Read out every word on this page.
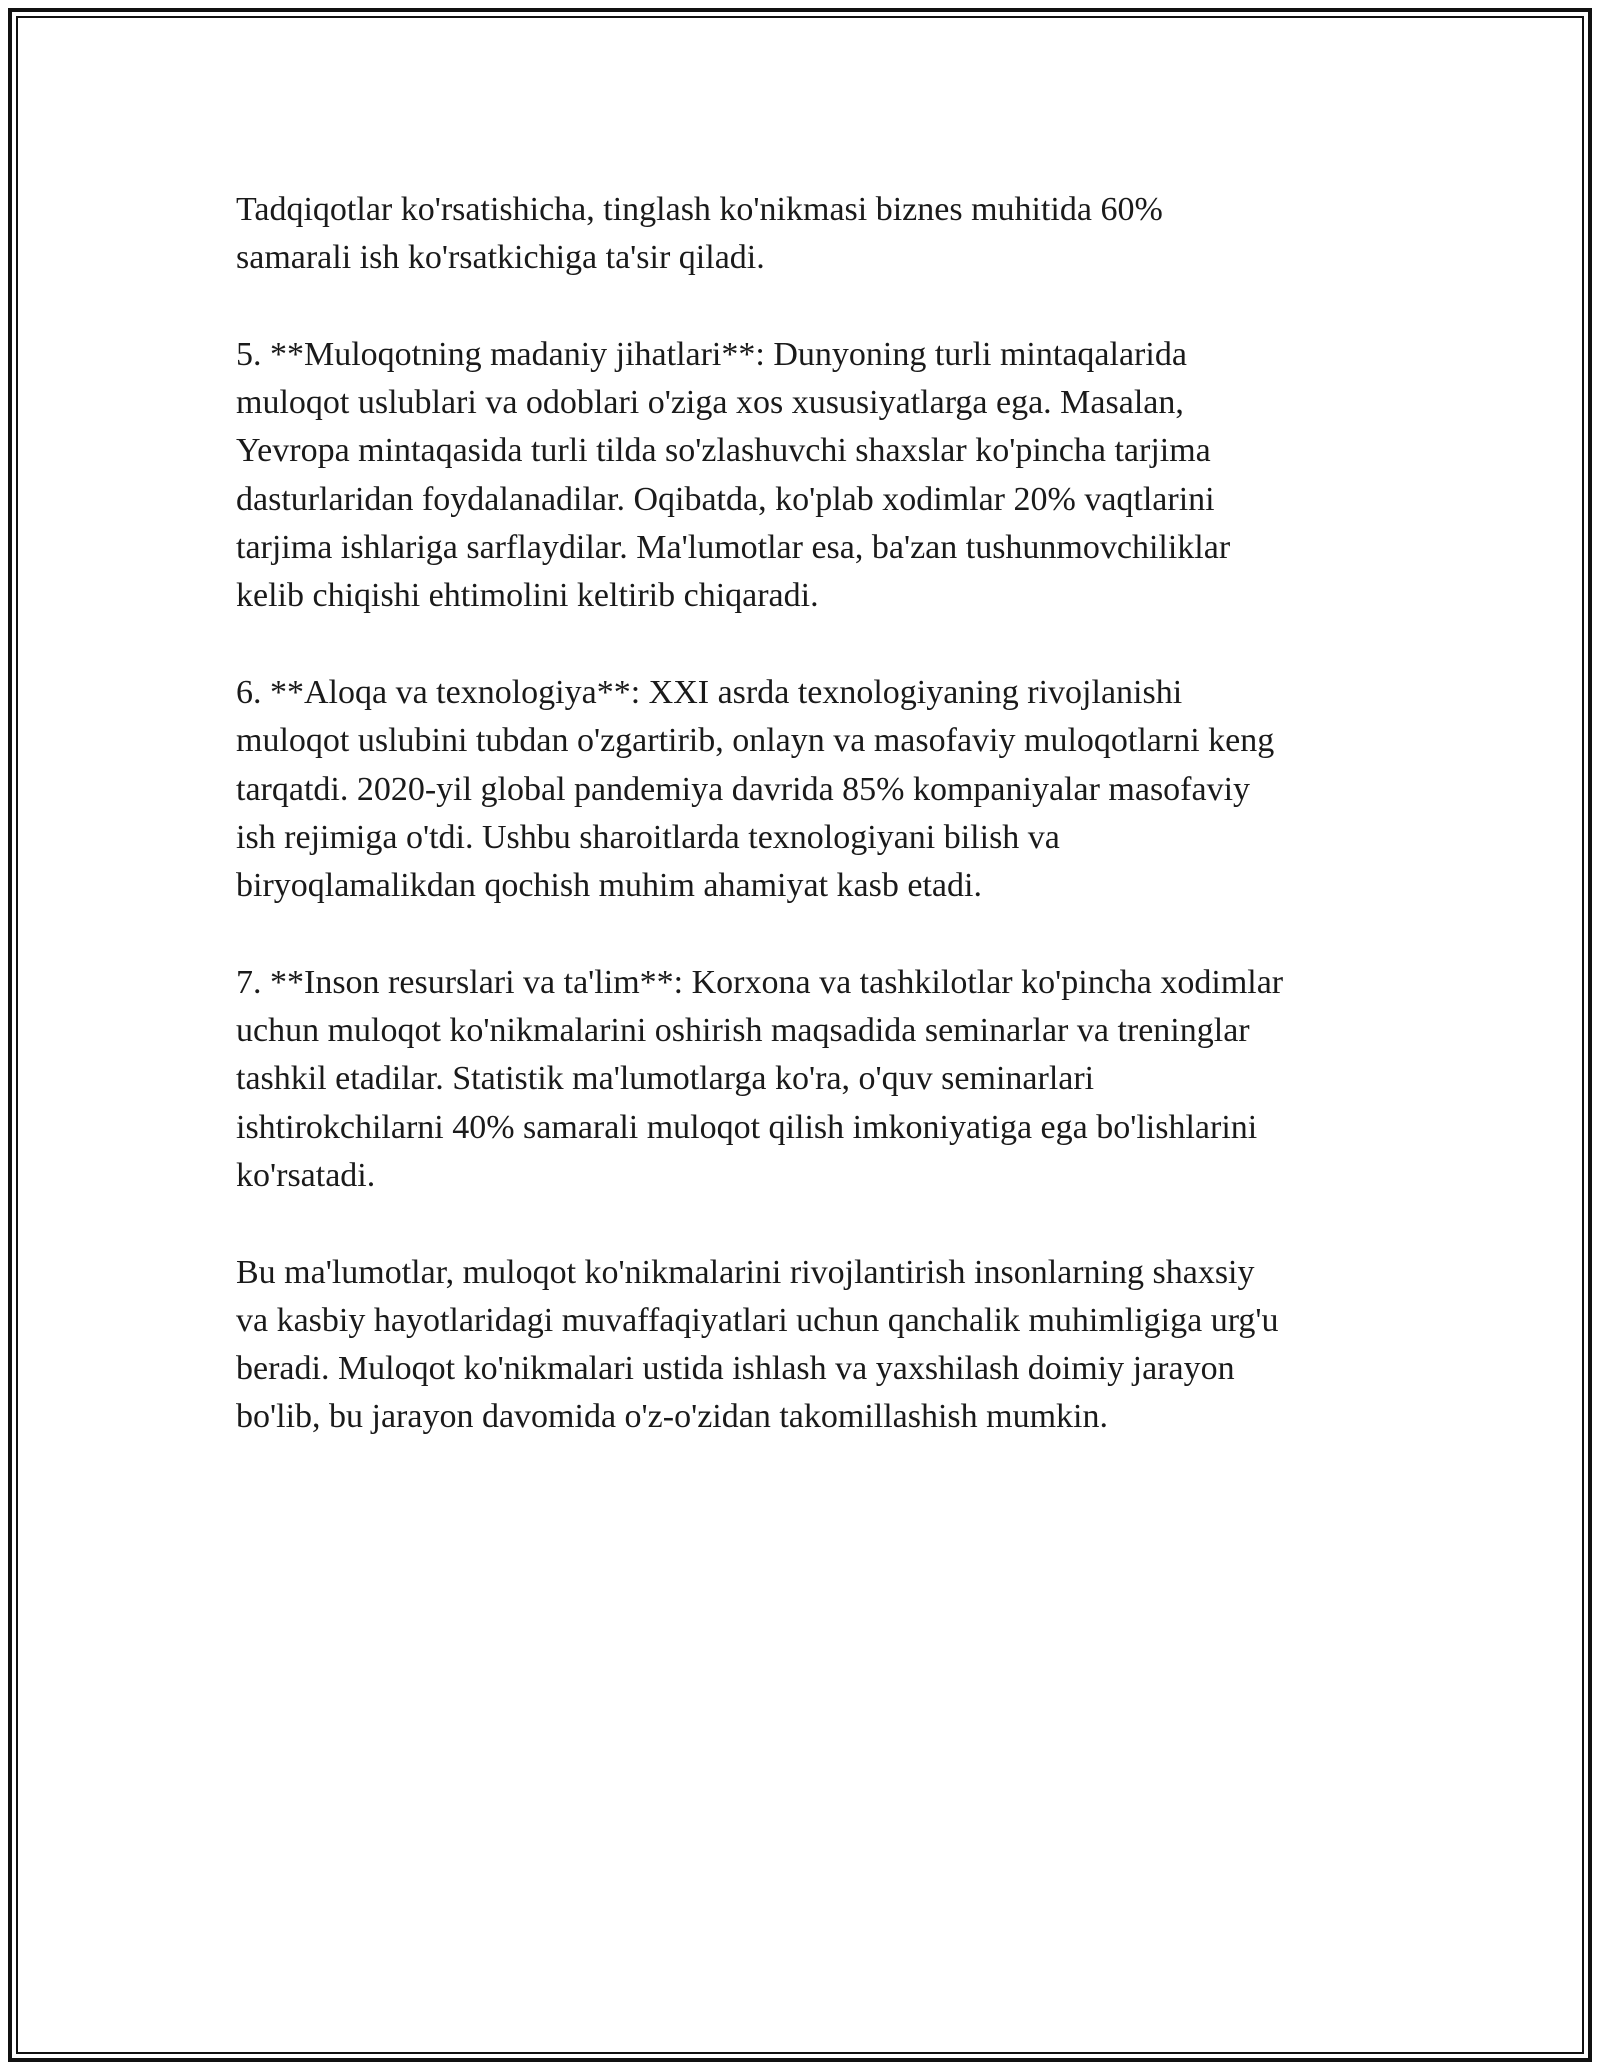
Tadqiqotlar ko'rsatishicha, tinglash ko'nikmasi biznes muhitida 60%
samarali ish ko'rsatkichiga ta'sir qiladi.

5. **Muloqotning madaniy jihatlari**: Dunyoning turli mintaqalarida
muloqot uslublari va odoblari o'ziga xos xususiyatlarga ega. Masalan,
Yevropa mintaqasida turli tilda so'zlashuvchi shaxslar ko'pincha tarjima
dasturlaridan foydalanadilar. Oqibatda, ko'plab xodimlar 20% vaqtlarini
tarjima ishlariga sarflaydilar. Ma'lumotlar esa, ba'zan tushunmovchiliklar
kelib chiqishi ehtimolini keltirib chiqaradi.

6. **Aloqa va texnologiya**: XXI asrda texnologiyaning rivojlanishi
muloqot uslubini tubdan o'zgartirib, onlayn va masofaviy muloqotlarni keng
tarqatdi. 2020-yil global pandemiya davrida 85% kompaniyalar masofaviy
ish rejimiga o'tdi. Ushbu sharoitlarda texnologiyani bilish va
biryoqlamalikdan qochish muhim ahamiyat kasb etadi.

7. **Inson resurslari va ta'lim**: Korxona va tashkilotlar ko'pincha xodimlar
uchun muloqot ko'nikmalarini oshirish maqsadida seminarlar va treninglar
tashkil etadilar. Statistik ma'lumotlarga ko'ra, o'quv seminarlari
ishtirokchilarni 40% samarali muloqot qilish imkoniyatiga ega bo'lishlarini
ko'rsatadi.

Bu ma'lumotlar, muloqot ko'nikmalarini rivojlantirish insonlarning shaxsiy
va kasbiy hayotlaridagi muvaffaqiyatlari uchun qanchalik muhimligiga urg'u
beradi. Muloqot ko'nikmalari ustida ishlash va yaxshilash doimiy jarayon
bo'lib, bu jarayon davomida o'z-o'zidan takomillashish mumkin.
